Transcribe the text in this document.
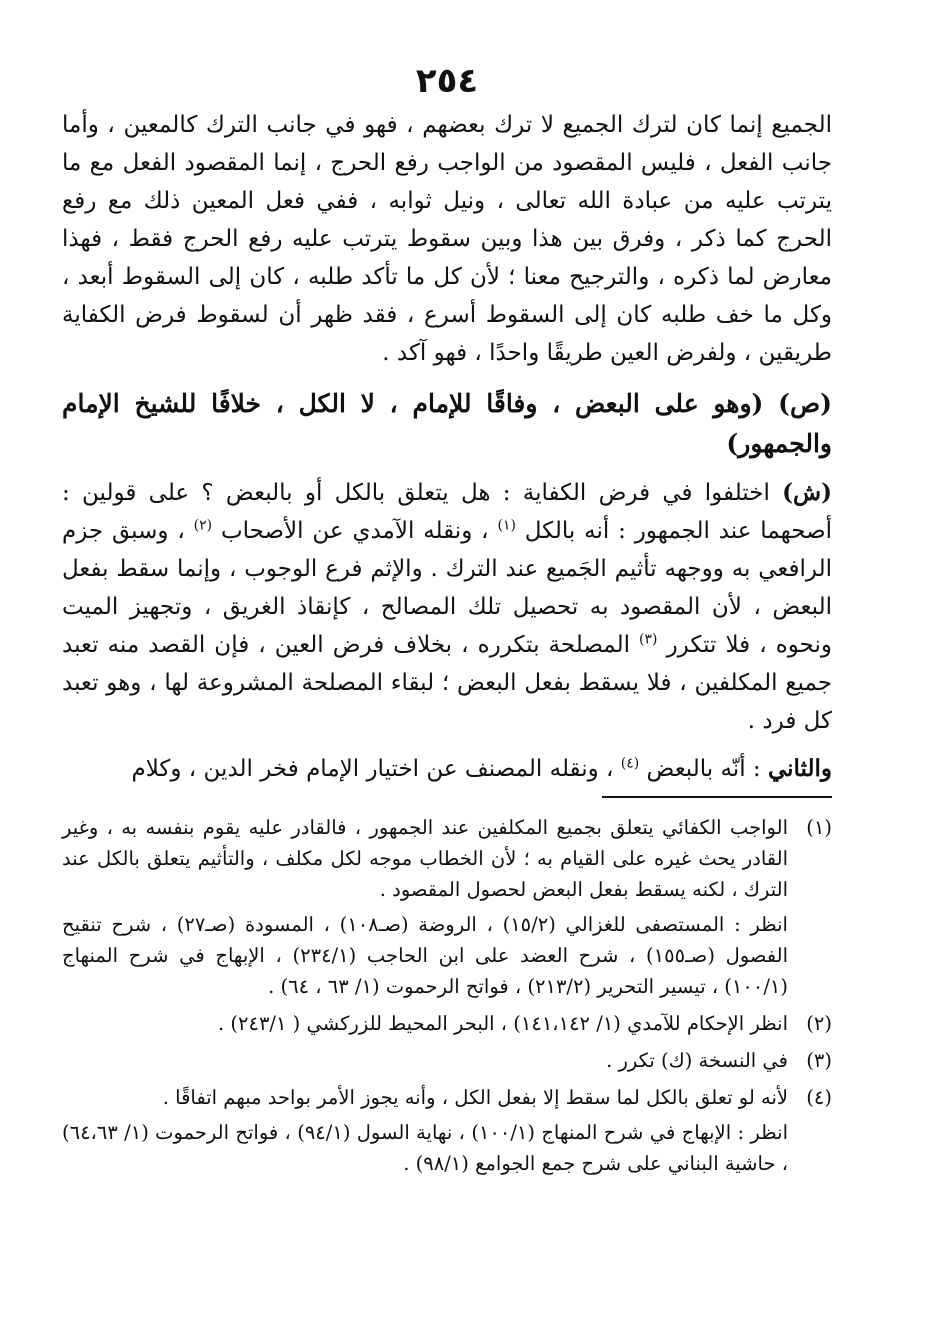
٢٥٤

الجميع إنما كان لترك الجميع لا ترك بعضهم ، فهو في جانب الترك كالمعين ، وأما جانب الفعل ، فليس المقصود من الواجب رفع الحرج ، إنما المقصود الفعل مع ما يترتب عليه من عبادة الله تعالى ، ونيل ثوابه ، ففي فعل المعين ذلك مع رفع الحرج كما ذكر ، وفرق بين هذا وبين سقوط يترتب عليه رفع الحرج فقط ، فهذا معارض لما ذكره ، والترجيح معنا ؛ لأن كل ما تأكد طلبه ، كان إلى السقوط أبعد ، وكل ما خف طلبه كان إلى السقوط أسرع ، فقد ظهر أن لسقوط فرض الكفاية طريقين ، ولفرض العين طريقًا واحدًا ، فهو آكد .

(ص) (وهو على البعض ، وفاقًا للإمام ، لا الكل ، خلافًا للشيخ الإمام والجمهور)

(ش) اختلفوا في فرض الكفاية : هل يتعلق بالكل أو بالبعض ؟ على قولين : أصحهما عند الجمهور : أنه بالكل $^{(١)}$ ، ونقله الآمدي عن الأصحاب $^{(٢)}$ ، وسبق جزم الرافعي به ووجهه تأثيم الجَميع عند الترك . والإثم فرع الوجوب ، وإنما سقط بفعل البعض ، لأن المقصود به تحصيل تلك المصالح ، كإنقاذ الغريق ، وتجهيز الميت ونحوه ، فلا تتكرر $^{(٣)}$ المصلحة بتكرره ، بخلاف فرض العين ، فإن القصد منه تعبد جميع المكلفين ، فلا يسقط بفعل البعض ؛ لبقاء المصلحة المشروعة لها ، وهو تعبد كل فرد .

والثاني : أنّه بالبعض $^{(٤)}$ ، ونقله المصنف عن اختيار الإمام فخر الدين ، وكلام

(١)
الواجب الكفائي يتعلق بجميع المكلفين عند الجمهور ، فالقادر عليه يقوم بنفسه به ، وغير القادر يحث غيره على القيام به ؛ لأن الخطاب موجه لكل مكلف ، والتأثيم يتعلق بالكل عند الترك ، لكنه يسقط بفعل البعض لحصول المقصود .
انظر : المستصفى للغزالي (١٥/٢) ، الروضة (صـ١٠٨) ، المسودة (صـ٢٧) ، شرح تنقيح الفصول (صـ١٥٥) ، شرح العضد على ابن الحاجب (٢٣٤/١) ، الإبهاج في شرح المنهاج (١٠٠/١) ، تيسير التحرير (٢١٣/٢) ، فواتح الرحموت (١/ ٦٣ ، ٦٤) .
(٢)
انظر الإحكام للآمدي (١/ ١٤١،١٤٢) ، البحر المحيط للزركشي ( ٢٤٣/١) .
(٣)
في النسخة (ك) تكرر .
(٤)
لأنه لو تعلق بالكل لما سقط إلا بفعل الكل ، وأنه يجوز الأمر بواحد مبهم اتفاقًا .
انظر : الإبهاج في شرح المنهاج (١٠٠/١) ، نهاية السول (٩٤/١) ، فواتح الرحموت (١/ ٦٤،٦٣) ، حاشية البناني على شرح جمع الجوامع (٩٨/١) .
